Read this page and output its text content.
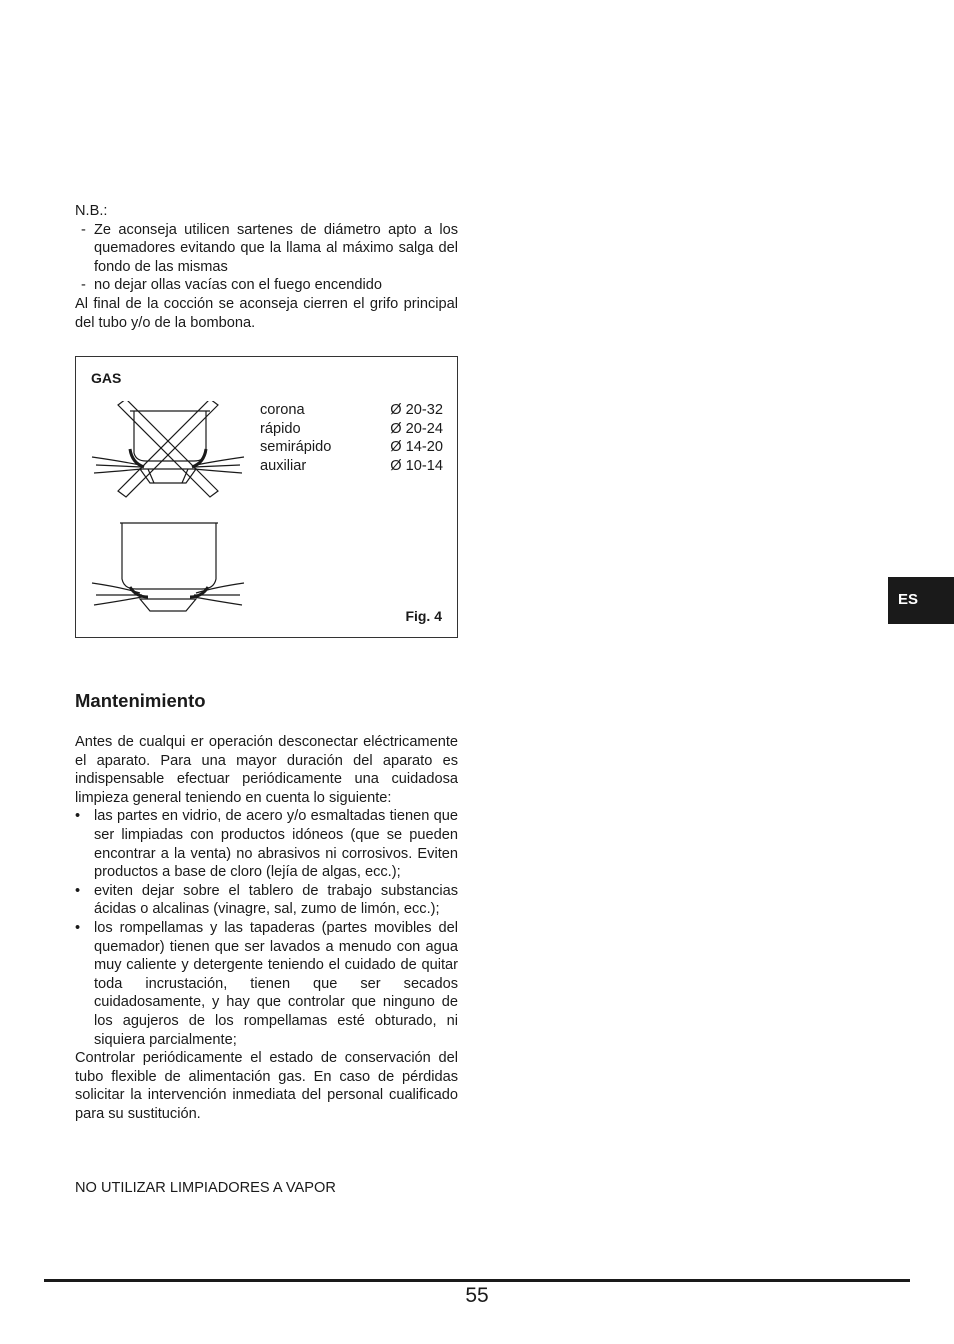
N.B.:

- Ze aconseja utilicen sartenes de diámetro apto a los quemadores evitando que la llama al máximo salga del fondo de las mismas
- no dejar ollas vacías con el fuego encendido

Al final de la cocción se aconseja cierren el grifo principal del tubo y/o de la bombona.

GAS
corona	Ø 20-32
rápido	Ø 20-24
semirápido	Ø 14-20
auxiliar	Ø 10-14
Fig. 4
Mantenimiento

Antes de cualqui er operación desconectar eléctricamente el aparato. Para una mayor duración del aparato es indispensable efectuar periódicamente una cuidadosa limpieza general teniendo en cuenta lo siguiente:

• las partes en vidrio, de acero y/o esmaltadas tienen que ser limpiadas con productos idóneos (que se pueden encontrar a la venta) no abrasivos ni corrosivos. Eviten productos a base de cloro (lejía de algas, ecc.);
• eviten dejar sobre el tablero de trabajo substancias ácidas o alcalinas (vinagre, sal, zumo de limón, ecc.);
• los rompellamas y las tapaderas (partes movibles del quemador) tienen que ser lavados a menudo con agua muy caliente y detergente teniendo el cuidado de quitar toda incrustación, tienen que ser secados cuidadosamente, y hay que controlar que ninguno de los agujeros de los rompellamas esté obturado, ni siquiera parcialmente;

Controlar periódicamente el estado de conservación del tubo flexible de alimentación gas. En caso de pérdidas solicitar la intervención inmediata del personal cualificado para su sustitución.

NO UTILIZAR LIMPIADORES A VAPOR
ES
55
